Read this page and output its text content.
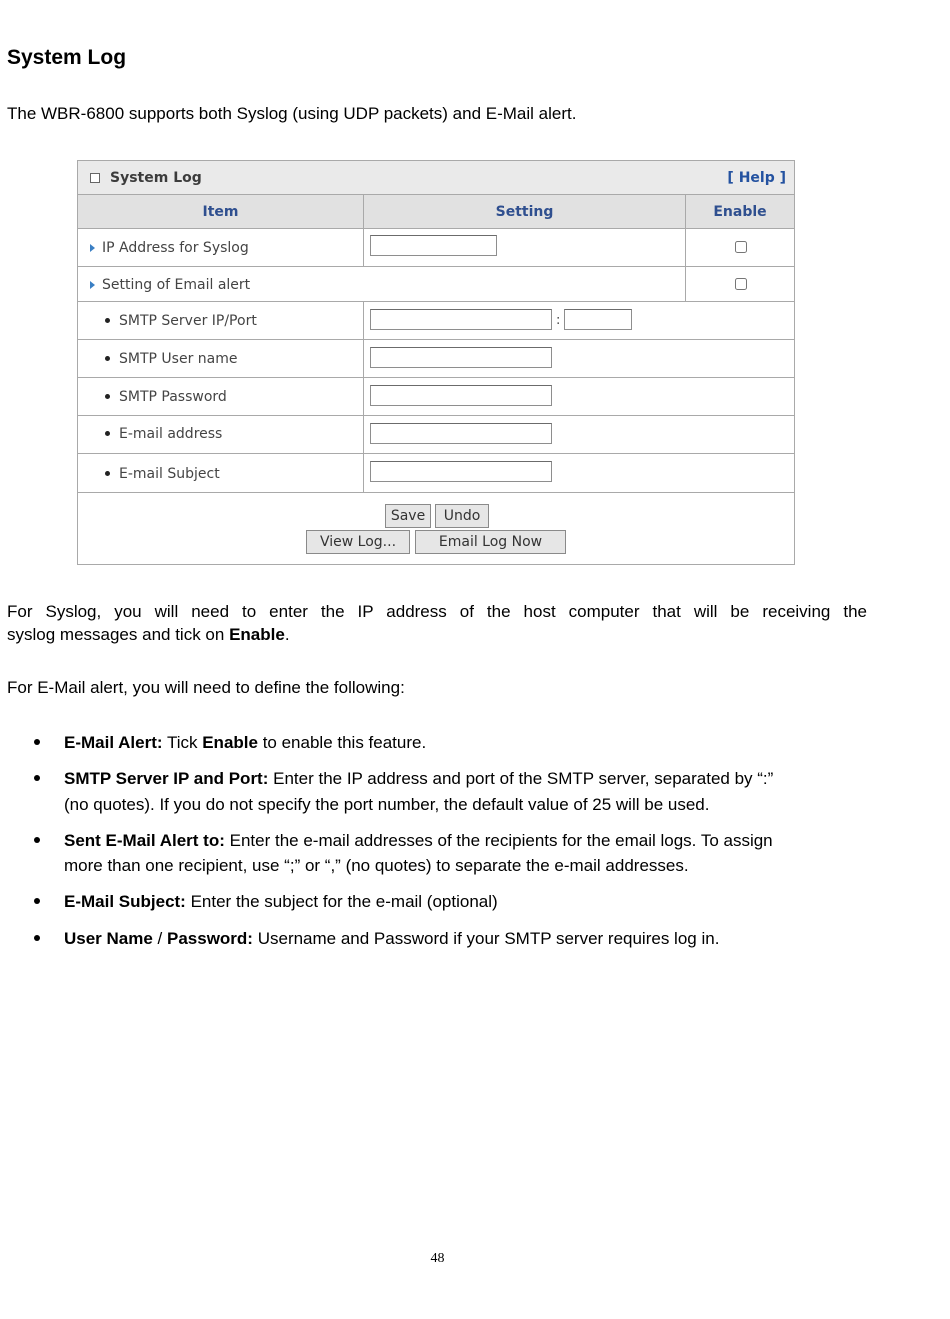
System Log
The WBR-6800 supports both Syslog (using UDP packets) and E-Mail alert.
System Log	[ Help ]
Item	Setting	Enable
IP Address for Syslog
Setting of Email alert
SMTP Server IP/Port	:
SMTP User name
SMTP Password
E-mail address
E-mail Subject
Save	Undo
View Log...	Email Log Now
For Syslog, you will need to enter the IP address of the host computer that will be receiving the
syslog messages and tick on Enable.
For E-Mail alert, you will need to define the following:
E-Mail Alert: Tick Enable to enable this feature.
SMTP Server IP and Port: Enter the IP address and port of the SMTP server, separated by “:”
(no quotes). If you do not specify the port number, the default value of 25 will be used.
Sent E-Mail Alert to: Enter the e-mail addresses of the recipients for the email logs. To assign
more than one recipient, use “;” or “,” (no quotes) to separate the e-mail addresses.
E-Mail Subject: Enter the subject for the e-mail (optional)
User Name / Password: Username and Password if your SMTP server requires log in.
48
